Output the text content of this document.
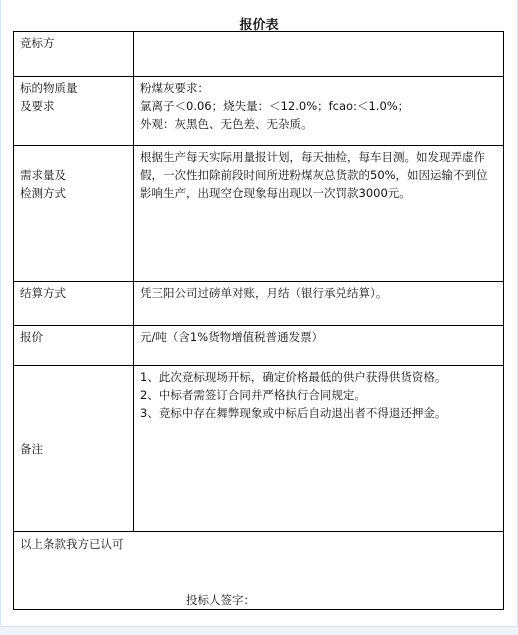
报价表
竞标方	

标的物质量
及要求	粉煤灰要求：
氯离子＜0.06；烧失量：＜12.0%；fcao:＜1.0%；
外观：灰黑色、无色差、无杂质。

需求量及
检测方式	根据生产每天实际用量报计划，每天抽检，每车目测。如发现弄虚作假，一次性扣除前段时间所进粉煤灰总货款的50%，如因运输不到位影响生产，出现空仓现象每出现以一次罚款3000元。

结算方式	凭三阳公司过磅单对账，月结（银行承兑结算）。

报价	元/吨（含1%货物增值税普通发票）

备注	1、此次竞标现场开标，确定价格最低的供户获得供货资格。
2、中标者需签订合同并严格执行合同规定。
3、竞标中存在舞弊现象或中标后自动退出者不得退还押金。

以上条款我方已认可
投标人签字：	
